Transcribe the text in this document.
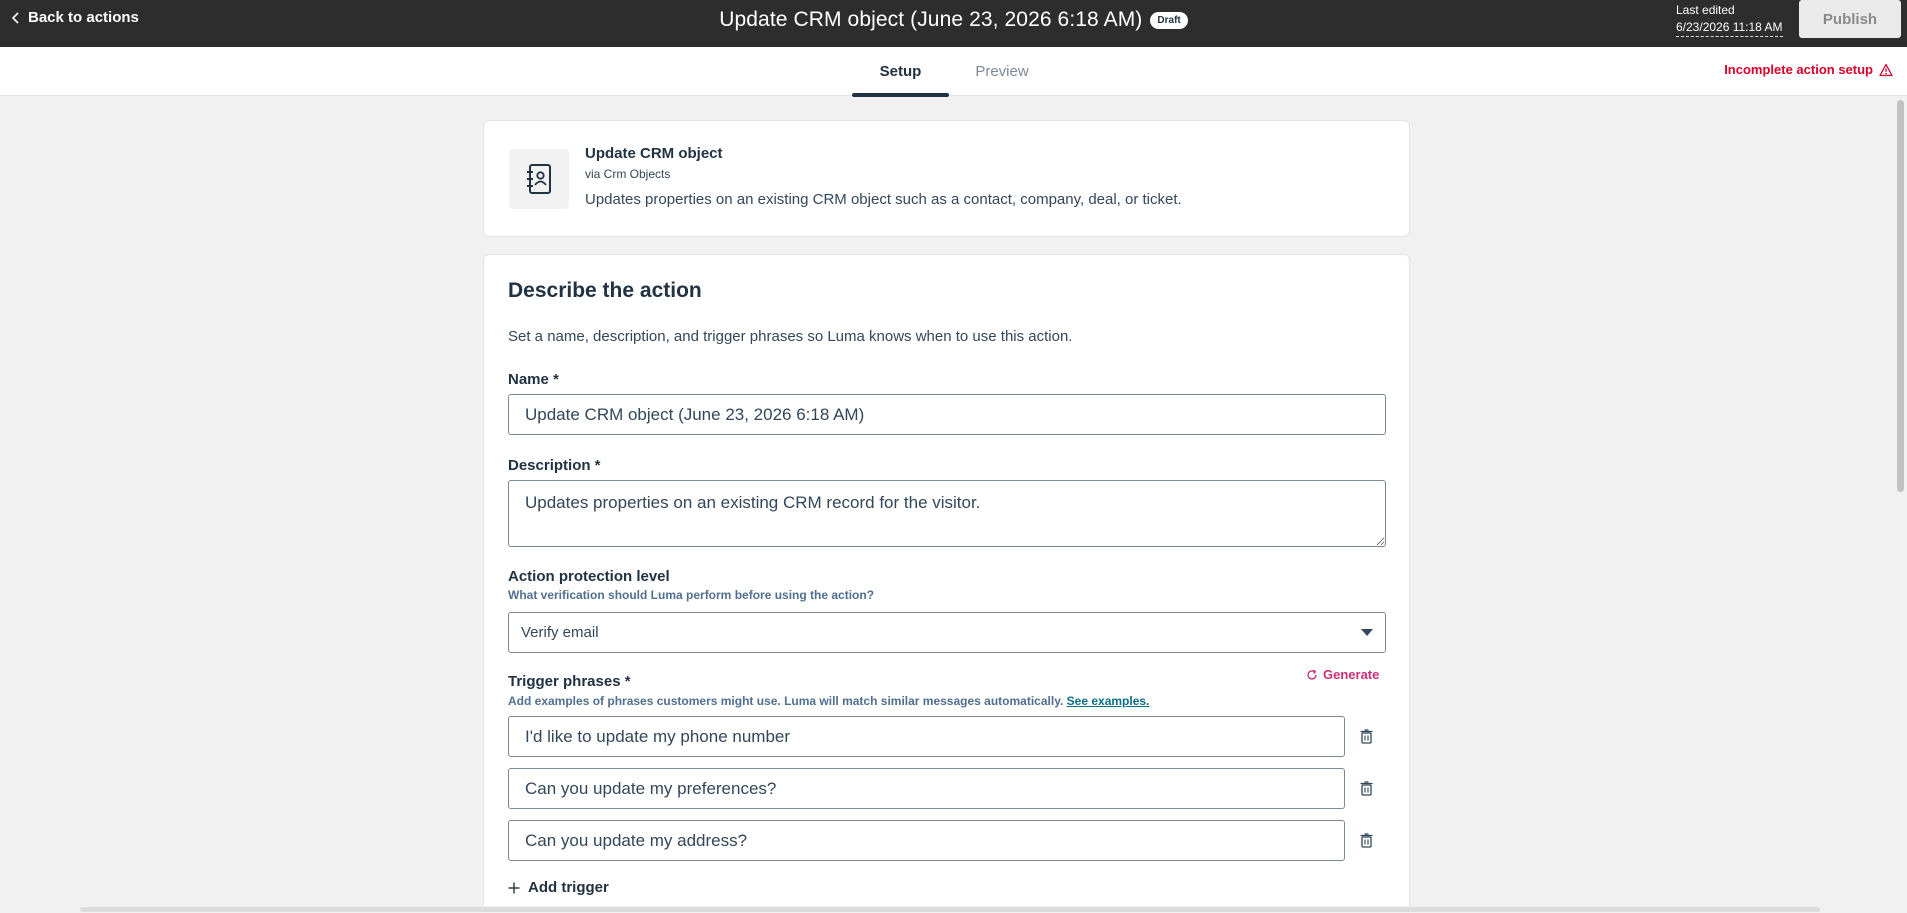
Back to actions	Update CRM object (June 23, 2026 6:18 AM)	Draft
Last edited
6/23/2026 11:18 AM	Publish
Setup	Preview	Incomplete action setup
Update CRM object
via Crm Objects
Updates properties on an existing CRM object such as a contact, company, deal, or ticket.
Describe the action
Set a name, description, and trigger phrases so Luma knows when to use this action.
Name *
Update CRM object (June 23, 2026 6:18 AM)
Description *
Updates properties on an existing CRM record for the visitor.
Action protection level
What verification should Luma perform before using the action?
Verify email
Trigger phrases *	Generate
Add examples of phrases customers might use. Luma will match similar messages automatically. See examples.
I'd like to update my phone number
Can you update my preferences?
Can you update my address?
Add trigger
